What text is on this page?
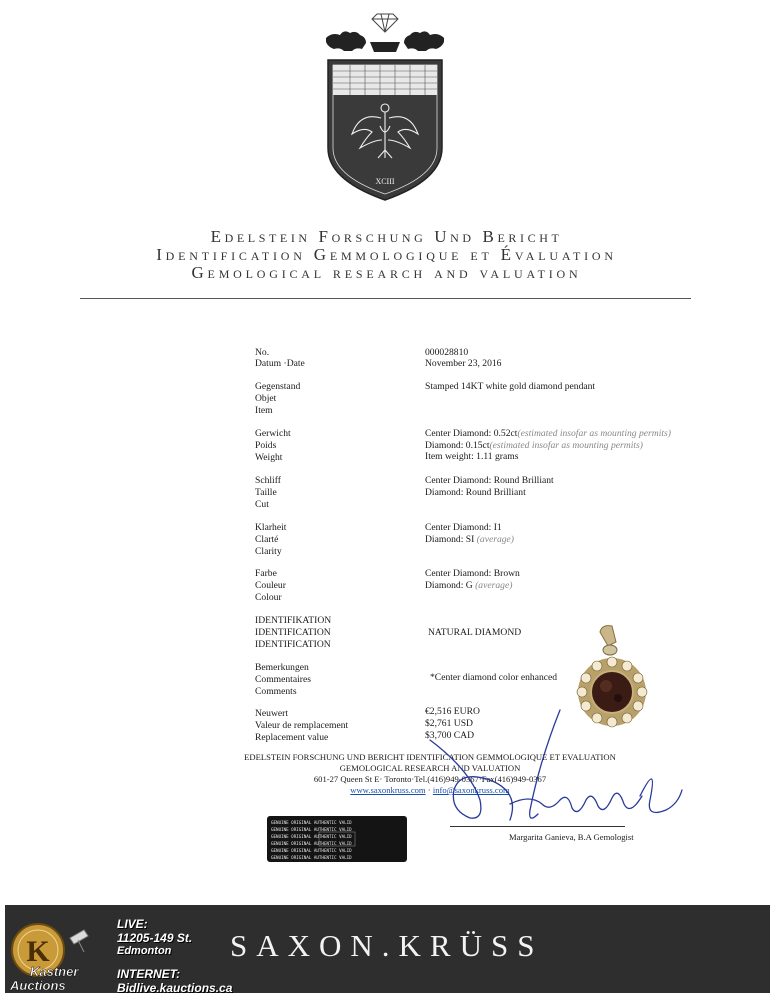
XCIII
Edelstein Forschung Und Bericht
Identification Gemmologique et Évaluation
Gemological research and valuation
No.
Datum ·Date
000028810
November 23, 2016
Gegenstand
Objet
Item
Stamped 14KT white gold diamond pendant
Gerwicht
Poids
Weight
Center Diamond: 0.52ct(estimated insofar as mounting permits)
Diamond: 0.15ct(estimated insofar as mounting permits)
Item weight: 1.11 grams
Schliff
Taille
Cut
Center Diamond: Round Brilliant
Diamond: Round Brilliant
Klarheit
Clarté
Clarity
Center Diamond: I1
Diamond: SI (average)
Farbe
Couleur
Colour
Center Diamond: Brown
Diamond: G (average)
IDENTIFIKATION
IDENTIFICATION
IDENTIFICATION
NATURAL DIAMOND
Bemerkungen
Commentaires
Comments
*Center diamond color enhanced
Neuwert
Valeur de remplacement
Replacement value
€2,516 EURO
$2,761 USD
$3,700 CAD
EDELSTEIN FORSCHUNG UND BERICHT IDENTIFICATION GEMMOLOGIQUE ET EVALUATION
GEMOLOGICAL RESEARCH AND VALUATION
601-27 Queen St E· Toronto·Tel.(416)949-0367·Fax(416)949-0367
www.saxonkruss.com · info@saxonkruss.com
Margarita Ganieva, B.A Gemologist
GENUINE ORIGINAL AUTHENTIC VALID
GENUINE ORIGINAL AUTHENTIC VALID
GENUINE ORIGINAL AUTHENTIC VALID
GENUINE ORIGINAL AUTHENTIC VALID
GENUINE ORIGINAL AUTHENTIC VALID
GENUINE ORIGINAL AUTHENTIC VALID
K
Kastner
Auctions
LIVE:
11205-149 St.
Edmonton
INTERNET:
Bidlive.kauctions.ca
SAXON.KRÜSS
